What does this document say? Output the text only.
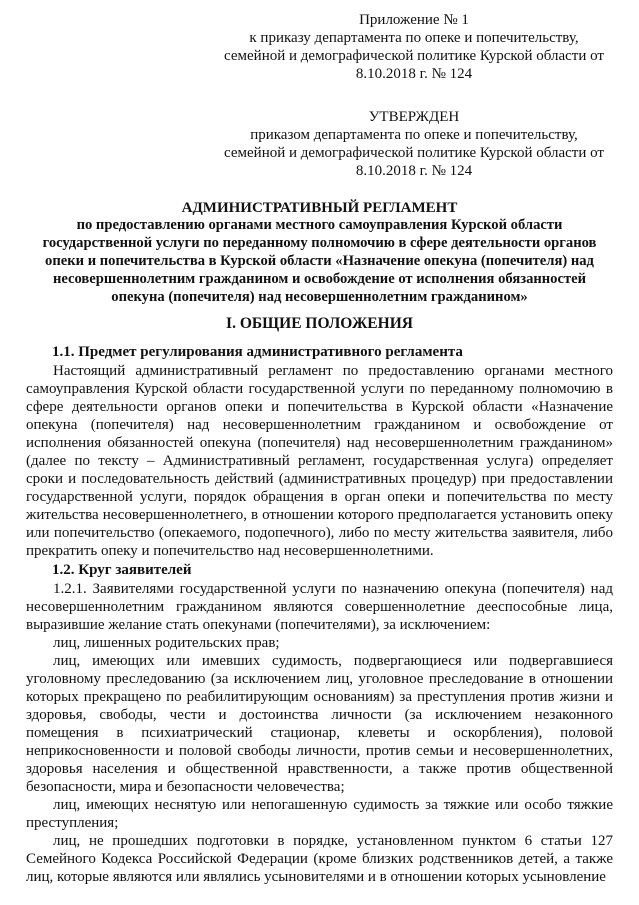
Приложение № 1

к приказу департамента по опеке и попечительству,

семейной и демографической политике Курской области от

8.10.2018 г. № 124

УТВЕРЖДЕН

приказом департамента по опеке и попечительству,

семейной и демографической политике Курской области от

8.10.2018 г. № 124

АДМИНИСТРАТИВНЫЙ РЕГЛАМЕНТ

по предоставлению органами местного самоуправления Курской области

государственной услуги по переданному полномочию в сфере деятельности органов

опеки и попечительства в Курской области «Назначение опекуна (попечителя) над

несовершеннолетним гражданином и освобождение от исполнения обязанностей

опекуна (попечителя) над несовершеннолетним гражданином»

I. ОБЩИЕ ПОЛОЖЕНИЯ
1.1. Предмет регулирования административного регламента

Настоящий административный регламент по предоставлению органами местного самоуправления Курской области государственной услуги по переданному полномочию в сфере деятельности органов опеки и попечительства в Курской области «Назначение опекуна (попечителя) над несовершеннолетним гражданином и освобождение от исполнения обязанностей опекуна (попечителя) над несовершеннолетним гражданином» (далее по тексту – Административный регламент, государственная услуга) определяет сроки и последовательность действий (административных процедур) при предоставлении государственной услуги, порядок обращения в орган опеки и попечительства по месту жительства несовершеннолетнего, в отношении которого предполагается установить опеку или попечительство (опекаемого, подопечного), либо по месту жительства заявителя, либо прекратить опеку и попечительство над несовершеннолетними.

1.2. Круг заявителей

1.2.1. Заявителями государственной услуги по назначению опекуна (попечителя) над несовершеннолетним гражданином являются совершеннолетние дееспособные лица, выразившие желание стать опекунами (попечителями), за исключением:

лиц, лишенных родительских прав;

лиц, имеющих или имевших судимость, подвергающиеся или подвергавшиеся уголовному преследованию (за исключением лиц, уголовное преследование в отношении которых прекращено по реабилитирующим основаниям) за преступления против жизни и здоровья, свободы, чести и достоинства личности (за исключением незаконного помещения в психиатрический стационар, клеветы и оскорбления), половой неприкосновенности и половой свободы личности, против семьи и несовершеннолетних, здоровья населения и общественной нравственности, а также против общественной безопасности, мира и безопасности человечества;

лиц, имеющих неснятую или непогашенную судимость за тяжкие или особо тяжкие преступления;

лиц, не прошедших подготовки в порядке, установленном пунктом 6 статьи 127 Семейного Кодекса Российской Федерации (кроме близких родственников детей, а также лиц, которые являются или являлись усыновителями и в отношении которых усыновление
